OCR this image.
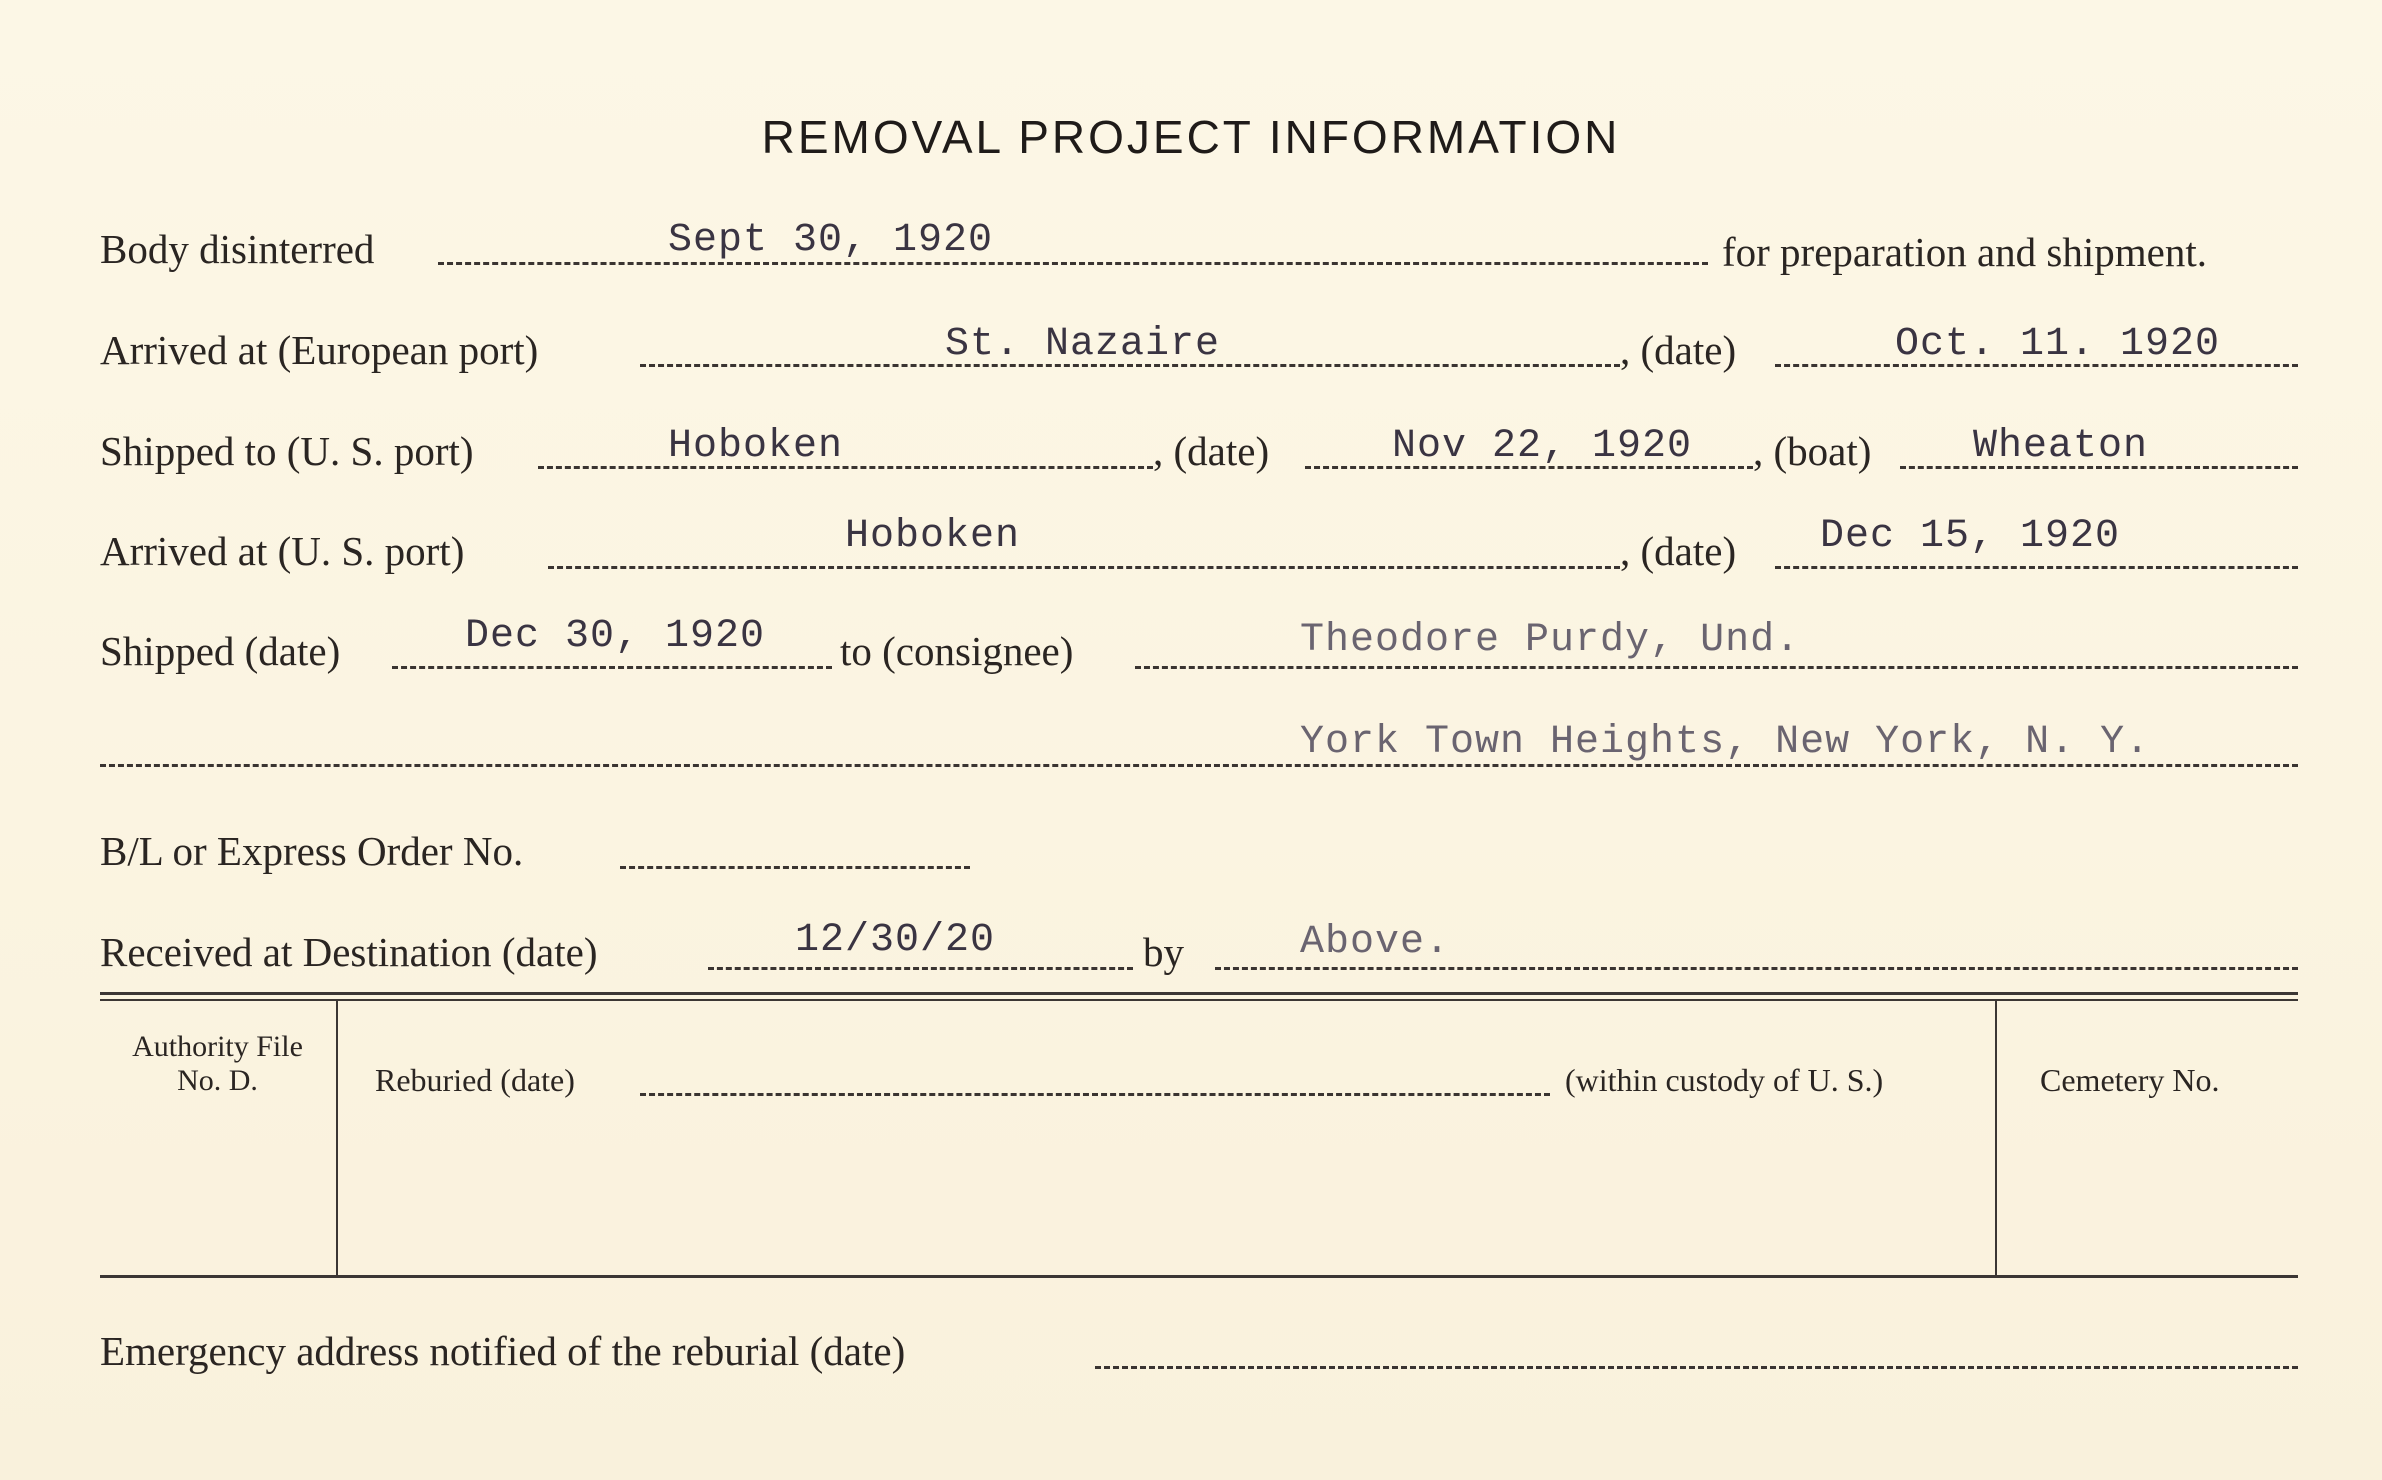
REMOVAL PROJECT INFORMATION
Body disinterred	Sept 30, 1920	for preparation and shipment.
Arrived at (European port)	St. Nazaire	, (date)	Oct. 11. 1920
Shipped to (U. S. port)	Hoboken	, (date)	Nov 22, 1920 , (boat)	Wheaton
Arrived at (U. S. port)	Hoboken	, (date) Dec 15, 1920
Shipped (date)	Dec 30, 1920 to (consignee)	Theodore Purdy, Und.
York Town Heights, New York, N. Y.
B/L or Express Order No.
Received at Destination (date)	12/30/20	by	Above.
Authority File No. D.	Reburied (date)	(within custody of U. S.)	Cemetery No.
Emergency address notified of the reburial (date)
